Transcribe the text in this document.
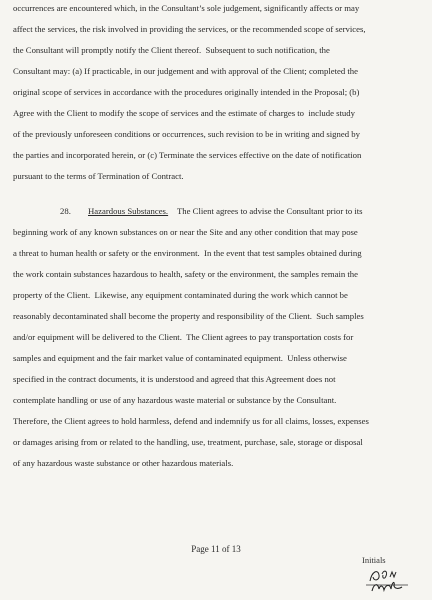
occurrences are encountered which, in the Consultant’s sole judgement, significantly affects or may
affect the services, the risk involved in providing the services, or the recommended scope of services,
the Consultant will promptly notify the Client thereof.  Subsequent to such notification, the
Consultant may: (a) If practicable, in our judgement and with approval of the Client; completed the
original scope of services in accordance with the procedures originally intended in the Proposal; (b)
Agree with the Client to modify the scope of services and the estimate of charges to  include study
of the previously unforeseen conditions or occurrences, such revision to be in writing and signed by
the parties and incorporated herein, or (c) Terminate the services effective on the date of notification
pursuant to the terms of Termination of Contract.
28. Hazardous Substances. The Client agrees to advise the Consultant prior to its
beginning work of any known substances on or near the Site and any other condition that may pose
a threat to human health or safety or the environment.  In the event that test samples obtained during
the work contain substances hazardous to health, safety or the environment, the samples remain the
property of the Client.  Likewise, any equipment contaminated during the work which cannot be
reasonably decontaminated shall become the property and responsibility of the Client.  Such samples
and/or equipment will be delivered to the Client.  The Client agrees to pay transportation costs for
samples and equipment and the fair market value of contaminated equipment.  Unless otherwise
specified in the contract documents, it is understood and agreed that this Agreement does not
contemplate handling or use of any hazardous waste material or substance by the Consultant.
Therefore, the Client agrees to hold harmless, defend and indemnify us for all claims, losses, expenses
or damages arising from or related to the handling, use, treatment, purchase, sale, storage or disposal
of any hazardous waste substance or other hazardous materials.
Page 11 of 13
Initials
